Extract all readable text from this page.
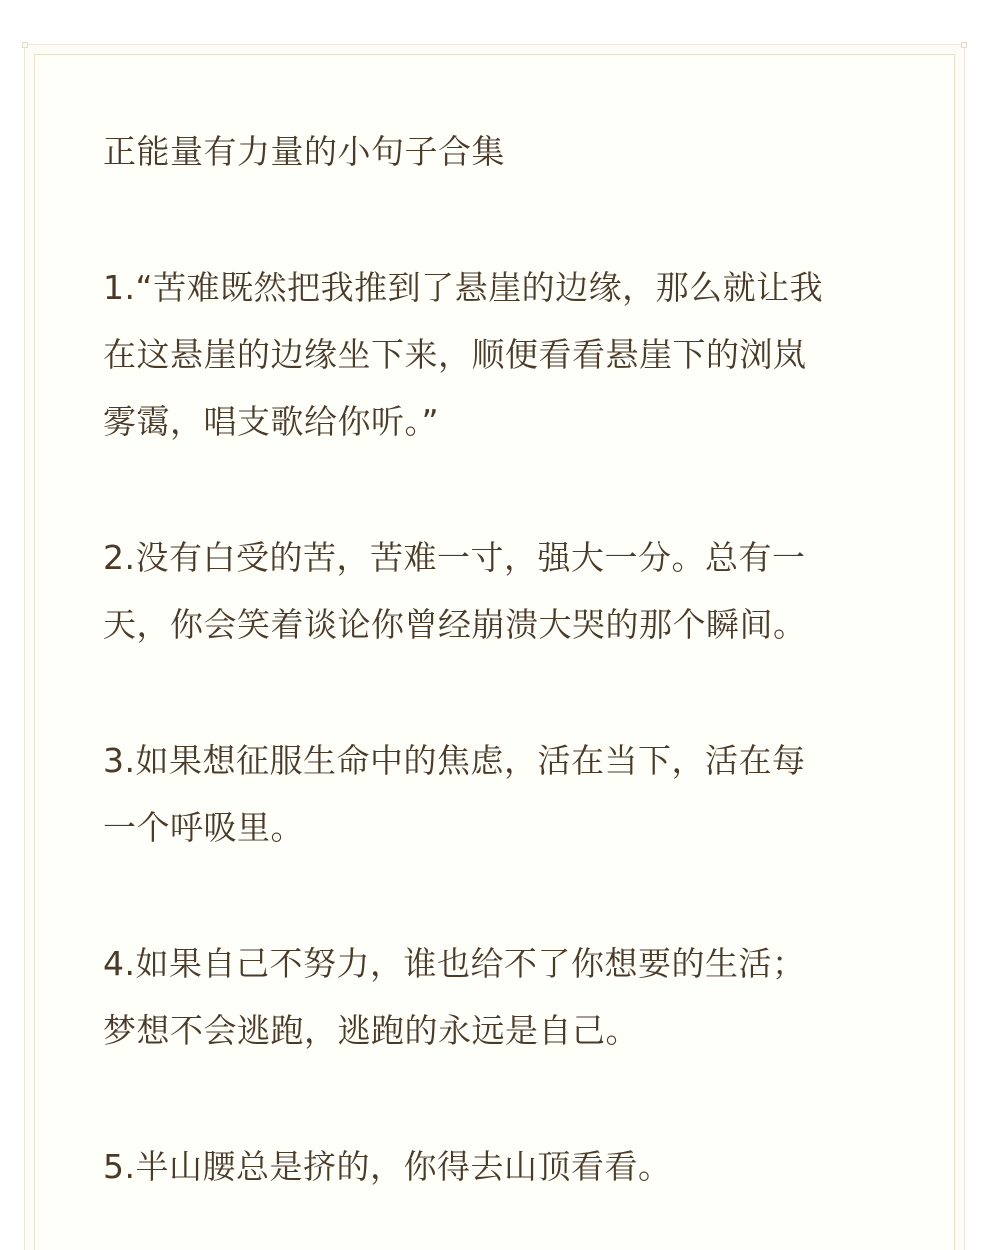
正能量有力量的小句子合集

1.“苦难既然把我推到了悬崖的边缘，那么就让我
在这悬崖的边缘坐下来，顺便看看悬崖下的浏岚
雾霭，唱支歌给你听。”

2.没有白受的苦，苦难一寸，强大一分。总有一
天，你会笑着谈论你曾经崩溃大哭的那个瞬间。

3.如果想征服生命中的焦虑，活在当下，活在每
一个呼吸里。

4.如果自己不努力，谁也给不了你想要的生活；
梦想不会逃跑，逃跑的永远是自己。

5.半山腰总是挤的，你得去山顶看看。
